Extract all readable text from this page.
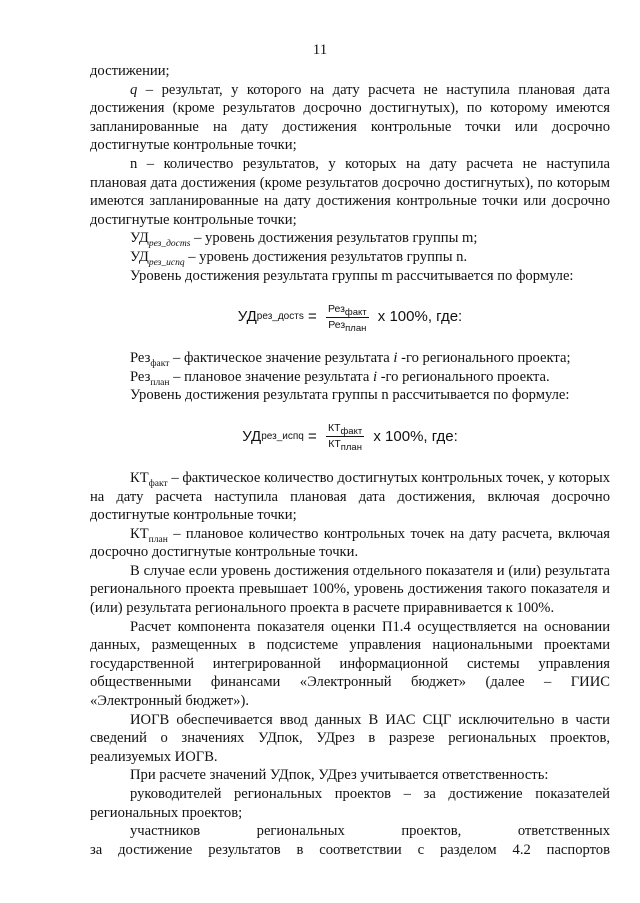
11

достижении;

q – результат, у которого на дату расчета не наступила плановая дата достижения (кроме результатов досрочно достигнутых), по которому имеются запланированные на дату достижения контрольные точки или досрочно достигнутые контрольные точки;

n – количество результатов, у которых на дату расчета не наступила плановая дата достижения (кроме результатов досрочно достигнутых), по которым имеются запланированные на дату достижения контрольные точки или досрочно достигнутые контрольные точки;

$УД_{рез\_достs}$ – уровень достижения результатов группы m;

$УД_{рез\_испq}$ – уровень достижения результатов группы n.

Уровень достижения результата группы m рассчитывается по формуле:

УД рез_достs = $\frac{Рез_{факт}}{Рез_{план}}$ x 100%, где:

Рез$_{факт}$ – фактическое значение результата i -го регионального проекта;

Рез$_{план}$ – плановое значение результата i -го регионального проекта.

Уровень достижения результата группы n рассчитывается по формуле:

УД рез_испq = $\frac{КТ_{факт}}{КТ_{план}}$ x 100%, где:

$КТ_{факт}$ – фактическое количество достигнутых контрольных точек, у которых на дату расчета наступила плановая дата достижения, включая досрочно достигнутые контрольные точки;

$КТ_{план}$ – плановое количество контрольных точек на дату расчета, включая досрочно достигнутые контрольные точки.

В случае если уровень достижения отдельного показателя и (или) результата регионального проекта превышает 100%, уровень достижения такого показателя и (или) результата регионального проекта в расчете приравнивается к 100%.

Расчет компонента показателя оценки П1.4 осуществляется на основании данных, размещенных в подсистеме управления национальными проектами государственной интегрированной информационной системы управления общественными финансами «Электронный бюджет» (далее – ГИИС «Электронный бюджет»).

ИОГВ обеспечивается ввод данных В ИАС СЦГ исключительно в части сведений о значениях УДпок, УДрез в разрезе региональных проектов, реализуемых ИОГВ.

При расчете значений УДпок, УДрез учитывается ответственность:

руководителей региональных проектов – за достижение показателей региональных проектов;

участников	региональных	проектов,	ответственных

за достижение результатов в соответствии с разделом 4.2 паспортов
